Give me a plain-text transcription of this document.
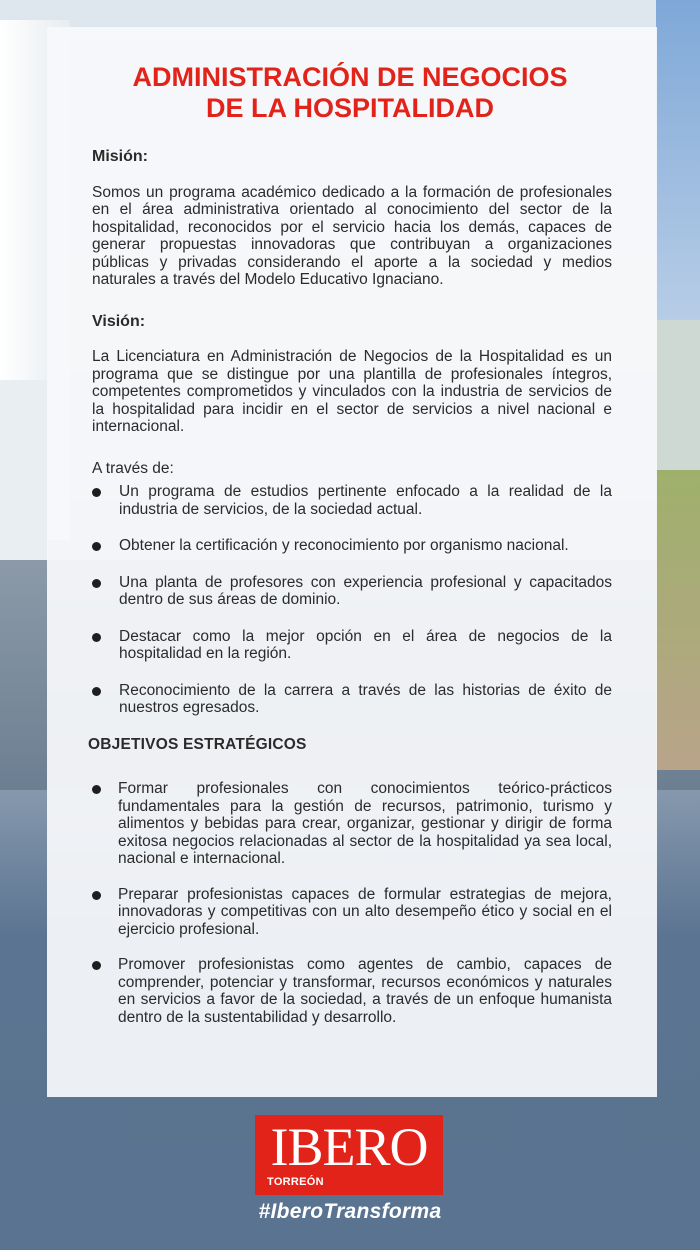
ADMINISTRACIÓN DE NEGOCIOS
DE LA HOSPITALIDAD
Misión:

Somos un programa académico dedicado a la formación de profesionales en el área administrativa orientado al conocimiento del sector de la hospitalidad, reconocidos por el servicio hacia los demás, capaces de generar propuestas innovadoras que contribuyan a organizaciones públicas y privadas considerando el aporte a la sociedad y medios naturales a través del Modelo Educativo Ignaciano.

Visión:

La Licenciatura en Administración de Negocios de la Hospitalidad es un programa que se distingue por una plantilla de profesionales íntegros, competentes comprometidos y vinculados con la industria de servicios de la hospitalidad para incidir en el sector de servicios a nivel nacional e internacional.

A través de:

Un programa de estudios pertinente enfocado a la realidad de la industria de servicios, de la sociedad actual.
Obtener la certificación y reconocimiento por organismo nacional.
Una planta de profesores con experiencia profesional y capacitados dentro de sus áreas de dominio.
Destacar como la mejor opción en el área de negocios de la hospitalidad en la región.
Reconocimiento de la carrera a través de las historias de éxito de nuestros egresados.
OBJETIVOS ESTRATÉGICOS
Formar profesionales con conocimientos teórico-prácticos fundamentales para la gestión de recursos, patrimonio, turismo y alimentos y bebidas para crear, organizar, gestionar y dirigir de forma exitosa negocios relacionadas al sector de la hospitalidad ya sea local, nacional e internacional.
Preparar profesionistas capaces de formular estrategias de mejora, innovadoras y competitivas con un alto desempeño ético y social en el ejercicio profesional.
Promover profesionistas como agentes de cambio, capaces de comprender, potenciar y transformar, recursos económicos y naturales en servicios a favor de la sociedad, a través de un enfoque humanista dentro de la sustentabilidad y desarrollo.
IBERO
TORREÓN
#IberoTransforma
